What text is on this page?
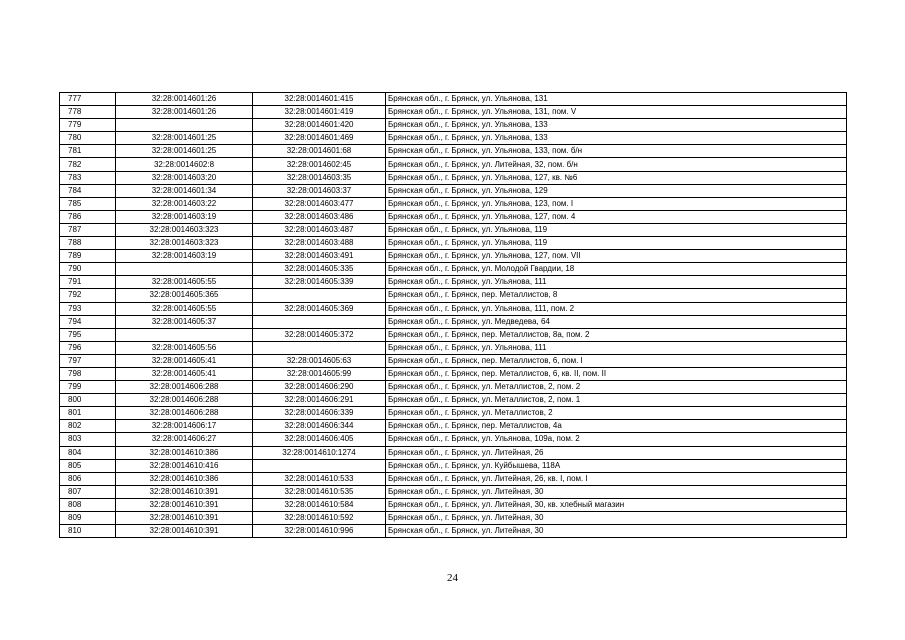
777	32:28:0014601:26	32:28:0014601:415	Брянская обл., г. Брянск, ул. Ульянова, 131
778	32:28:0014601:26	32:28:0014601:419	Брянская обл., г. Брянск, ул. Ульянова, 131, пом. V
779		32:28:0014601:420	Брянская обл., г. Брянск, ул. Ульянова, 133
780	32:28:0014601:25	32:28:0014601:469	Брянская обл., г. Брянск, ул. Ульянова, 133
781	32:28:0014601:25	32:28:0014601:68	Брянская обл., г. Брянск, ул. Ульянова, 133, пом. б/н
782	32:28:0014602:8	32:28:0014602:45	Брянская обл., г. Брянск, ул. Литейная, 32, пом. б/н
783	32:28:0014603:20	32:28:0014603:35	Брянская обл., г. Брянск, ул. Ульянова, 127, кв. №6
784	32:28:0014601:34	32:28:0014603:37	Брянская обл., г. Брянск, ул. Ульянова, 129
785	32:28:0014603:22	32:28:0014603:477	Брянская обл., г. Брянск, ул. Ульянова, 123, пом. I
786	32:28:0014603:19	32:28:0014603:486	Брянская обл., г. Брянск, ул. Ульянова, 127, пом. 4
787	32:28:0014603:323	32:28:0014603:487	Брянская обл., г. Брянск, ул. Ульянова, 119
788	32:28:0014603:323	32:28:0014603:488	Брянская обл., г. Брянск, ул. Ульянова, 119
789	32:28:0014603:19	32:28:0014603:491	Брянская обл., г. Брянск, ул. Ульянова, 127, пом. VII
790		32:28:0014605:335	Брянская обл., г. Брянск, ул. Молодой Гвардии, 18
791	32:28:0014605:55	32:28:0014605:339	Брянская обл., г. Брянск, ул. Ульянова, 111
792	32:28:0014605:365		Брянская обл., г. Брянск, пер. Металлистов, 8
793	32:28:0014605:55	32:28:0014605:369	Брянская обл., г. Брянск, ул. Ульянова, 111, пом. 2
794	32:28:0014605:37		Брянская обл., г. Брянск, ул. Медведева, 64
795		32:28:0014605:372	Брянская обл., г. Брянск, пер. Металлистов, 8а, пом. 2
796	32:28:0014605:56		Брянская обл., г. Брянск, ул. Ульянова, 111
797	32:28:0014605:41	32:28:0014605:63	Брянская обл., г. Брянск, пер. Металлистов, 6, пом. I
798	32:28:0014605:41	32:28:0014605:99	Брянская обл., г. Брянск, пер. Металлистов, 6, кв. II, пом. II
799	32:28:0014606:288	32:28:0014606:290	Брянская обл., г. Брянск, ул. Металлистов, 2, пом. 2
800	32:28:0014606:288	32:28:0014606:291	Брянская обл., г. Брянск, ул. Металлистов, 2, пом. 1
801	32:28:0014606:288	32:28:0014606:339	Брянская обл., г. Брянск, ул. Металлистов, 2
802	32:28:0014606:17	32:28:0014606:344	Брянская обл., г. Брянск, пер. Металлистов, 4а
803	32:28:0014606:27	32:28:0014606:405	Брянская обл., г. Брянск, ул. Ульянова, 109а, пом. 2
804	32:28:0014610:386	32:28:0014610:1274	Брянская обл., г. Брянск, ул. Литейная, 26
805	32:28:0014610:416		Брянская обл., г. Брянск, ул. Куйбышева, 118А
806	32:28:0014610:386	32:28:0014610:533	Брянская обл., г. Брянск, ул. Литейная, 26, кв. I, пом. I
807	32:28:0014610:391	32:28:0014610:535	Брянская обл., г. Брянск, ул. Литейная, 30
808	32:28:0014610:391	32:28:0014610:584	Брянская обл., г. Брянск, ул. Литейная, 30, кв. хлебный магазин
809	32:28:0014610:391	32:28:0014610:592	Брянская обл., г. Брянск, ул. Литейная, 30
810	32:28:0014610:391	32:28:0014610:996	Брянская обл., г. Брянск, ул. Литейная, 30
24
